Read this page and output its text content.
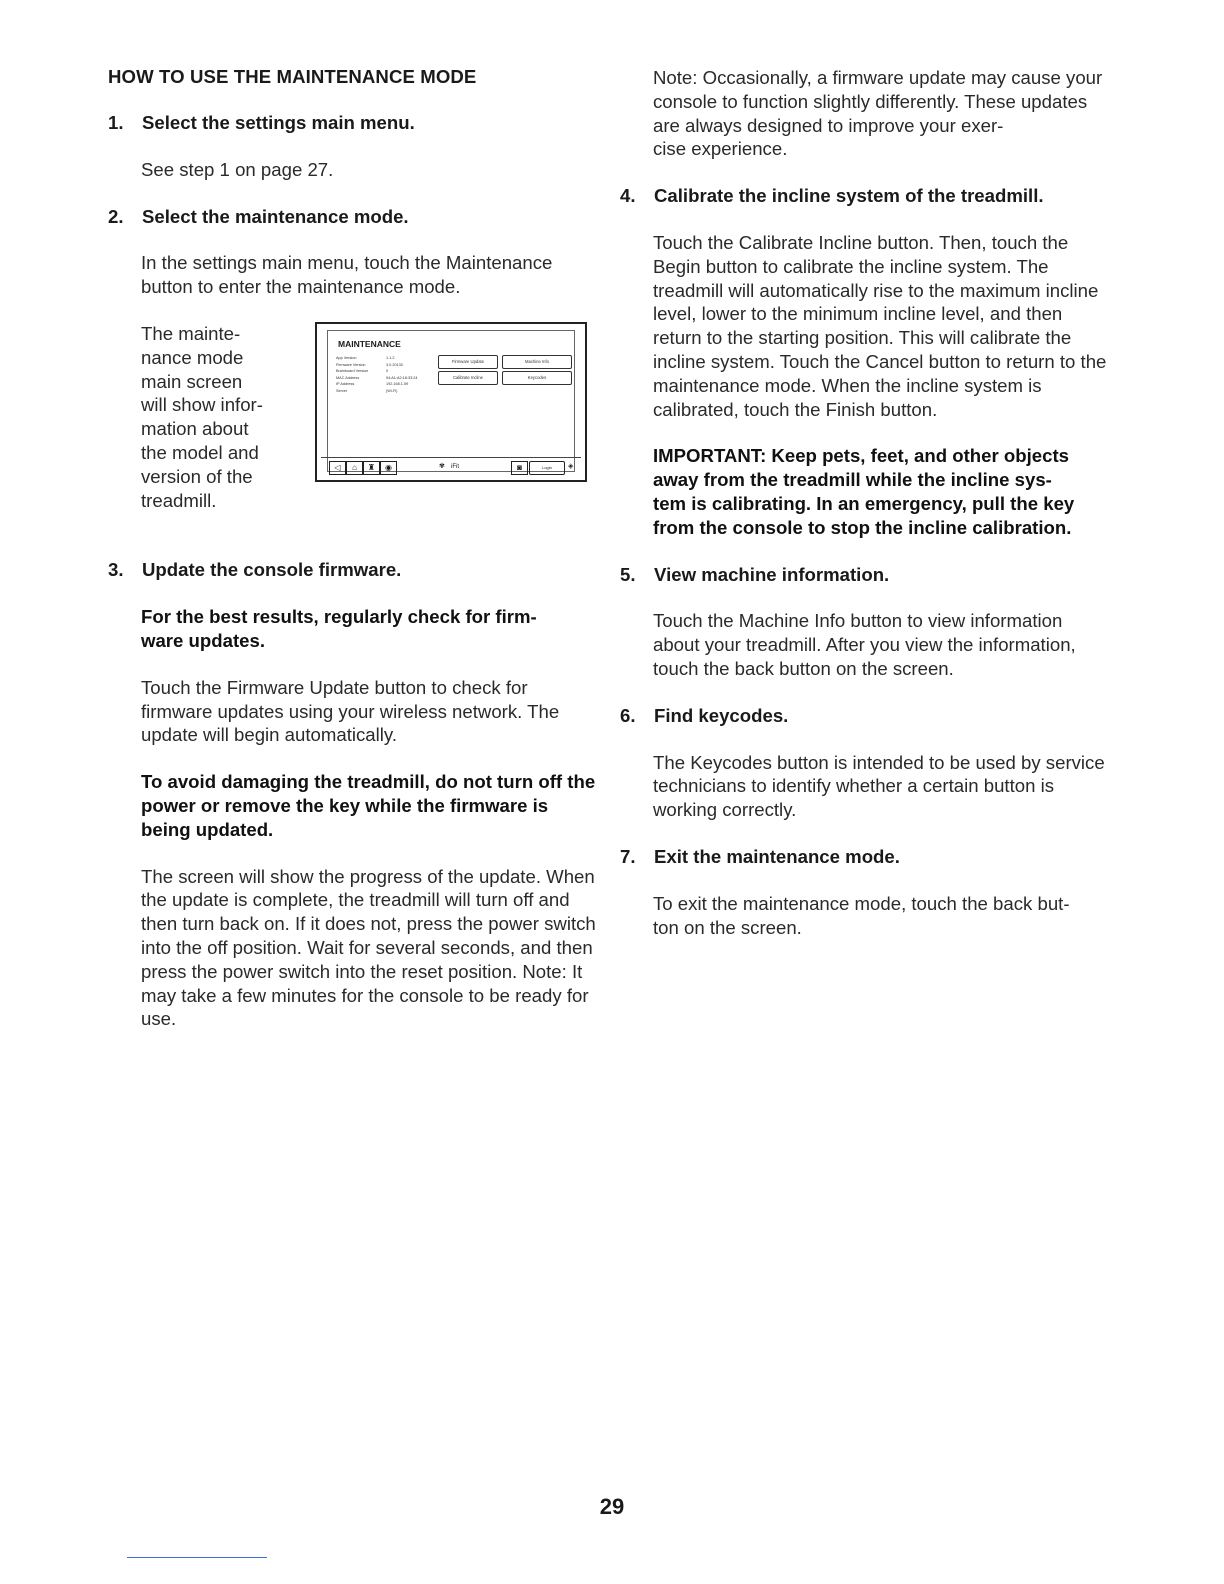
HOW TO USE THE MAINTENANCE MODE

1. Select the settings main menu.

See step 1 on page 27.

2. Select the maintenance mode.

In the settings main menu, touch the Maintenance button to enter the maintenance mode.

The mainte-
nance mode
main screen
will show infor-
mation about
the model and
version of the
treadmill.

MAINTENANCE
App Version	1.1.2
Firmware Version	3.0.20130
Brainboard Version	0
MAC Address	94:A1:A2:18:33:24
IP Address	192.168.1.59
Server	(Wi-Fi)
Firmware Update	Machine Info
Calibrate Incline	Keycodes
◁	⌂	♜	◉	✾ iFit	◙	Login	◈
3. Update the console firmware.

For the best results, regularly check for firm-
ware updates.

Touch the Firmware Update button to check for firmware updates using your wireless network. The update will begin automatically.

To avoid damaging the treadmill, do not turn off the power or remove the key while the firmware is being updated.

The screen will show the progress of the update. When the update is complete, the treadmill will turn off and then turn back on. If it does not, press the power switch into the off position. Wait for several seconds, and then press the power switch into the reset position. Note: It may take a few minutes for the console to be ready for use.

Note: Occasionally, a firmware update may cause your console to function slightly differently. These updates are always designed to improve your exer-
cise experience.

4. Calibrate the incline system of the treadmill.

Touch the Calibrate Incline button. Then, touch the Begin button to calibrate the incline system. The treadmill will automatically rise to the maximum incline level, lower to the minimum incline level, and then return to the starting position. This will calibrate the incline system. Touch the Cancel button to return to the maintenance mode. When the incline system is calibrated, touch the Finish button.

IMPORTANT: Keep pets, feet, and other objects away from the treadmill while the incline sys-
tem is calibrating. In an emergency, pull the key from the console to stop the incline calibration.

5. View machine information.

Touch the Machine Info button to view information about your treadmill. After you view the information, touch the back button on the screen.

6. Find keycodes.

The Keycodes button is intended to be used by service technicians to identify whether a certain button is working correctly.

7. Exit the maintenance mode.

To exit the maintenance mode, touch the back but-
ton on the screen.

29
